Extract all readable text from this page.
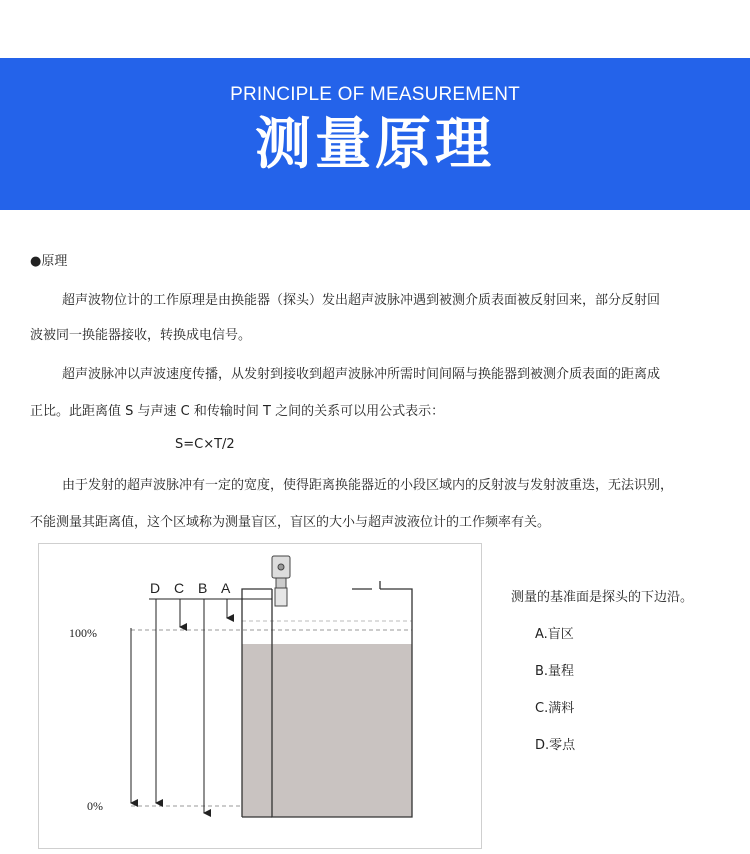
PRINCIPLE OF MEASUREMENT
测量原理
●原理
超声波物位计的工作原理是由换能器（探头）发出超声波脉冲遇到被测介质表面被反射回来，部分反射回
波被同一换能器接收，转换成电信号。
超声波脉冲以声波速度传播，从发射到接收到超声波脉冲所需时间间隔与换能器到被测介质表面的距离成
正比。此距离值 S 与声速 C 和传输时间 T 之间的关系可以用公式表示：
S=C×T/2
由于发射的超声波脉冲有一定的宽度，使得距离换能器近的小段区域内的反射波与发射波重迭，无法识别，
不能测量其距离值，这个区域称为测量盲区，盲区的大小与超声波液位计的工作频率有关。
D C B A
100%
0%
测量的基准面是探头的下边沿。
A.盲区
B.量程
C.满料
D.零点
